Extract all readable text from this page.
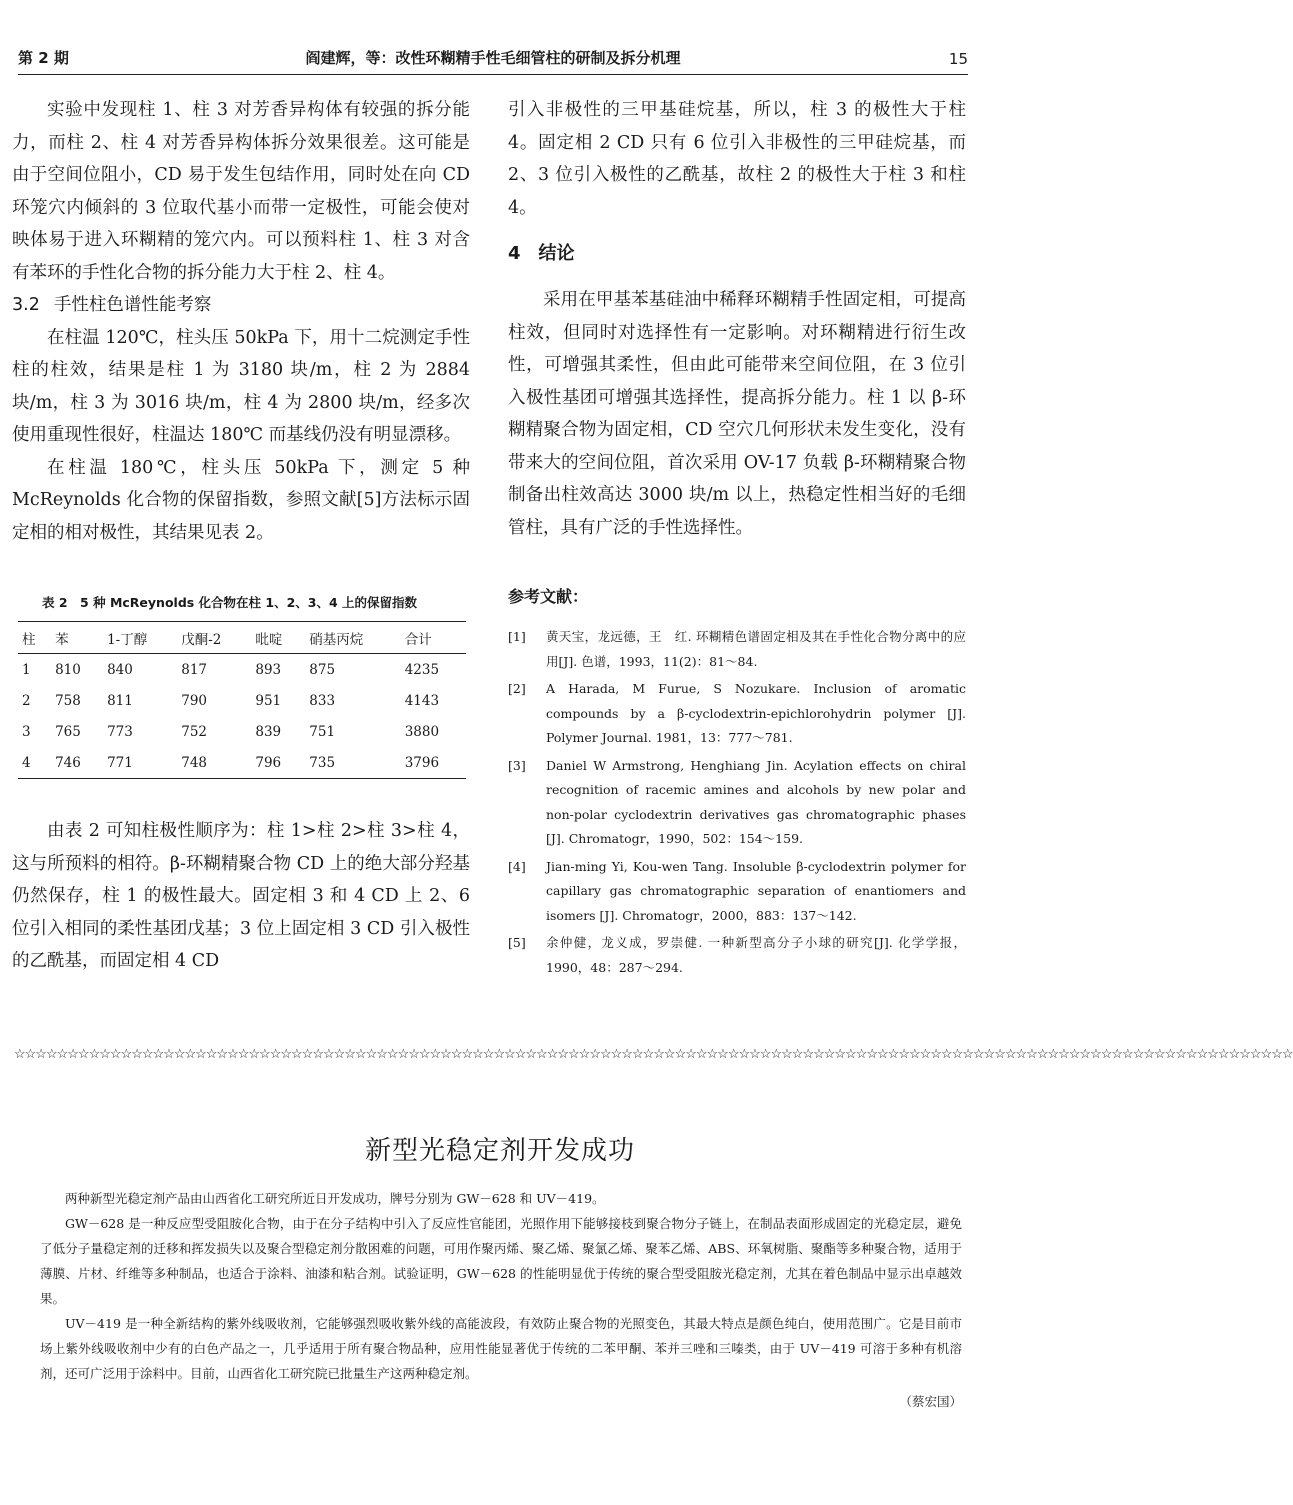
第 2 期	阎建辉，等：改性环糊精手性毛细管柱的研制及拆分机理	15

实验中发现柱 1、柱 3 对芳香异构体有较强的拆分能力，而柱 2、柱 4 对芳香异构体拆分效果很差。这可能是由于空间位阻小，CD 易于发生包结作用，同时处在向 CD 环笼穴内倾斜的 3 位取代基小而带一定极性，可能会使对映体易于进入环糊精的笼穴内。可以预料柱 1、柱 3 对含有苯环的手性化合物的拆分能力大于柱 2、柱 4。

3.2 手性柱色谱性能考察

在柱温 120℃，柱头压 50kPa 下，用十二烷测定手性柱的柱效，结果是柱 1 为 3180 块/m，柱 2 为 2884 块/m，柱 3 为 3016 块/m，柱 4 为 2800 块/m，经多次使用重现性很好，柱温达 180℃ 而基线仍没有明显漂移。

在柱温 180℃，柱头压 50kPa 下，测定 5 种 McReynolds 化合物的保留指数，参照文献[5]方法标示固定相的相对极性，其结果见表 2。

表 2　5 种 McReynolds 化合物在柱 1、2、3、4 上的保留指数
柱	苯	1-丁醇	戊酮-2	吡啶	硝基丙烷	合计
1	810	840	817	893	875	4235
2	758	811	790	951	833	4143
3	765	773	752	839	751	3880
4	746	771	748	796	735	3796

由表 2 可知柱极性顺序为：柱 1>柱 2>柱 3>柱 4，这与所预料的相符。β-环糊精聚合物 CD 上的绝大部分羟基仍然保存，柱 1 的极性最大。固定相 3 和 4 CD 上 2、6 位引入相同的柔性基团戊基；3 位上固定相 3 CD 引入极性的乙酰基，而固定相 4 CD

引入非极性的三甲基硅烷基，所以，柱 3 的极性大于柱 4。固定相 2 CD 只有 6 位引入非极性的三甲硅烷基，而 2、3 位引入极性的乙酰基，故柱 2 的极性大于柱 3 和柱 4。

4 结论

采用在甲基苯基硅油中稀释环糊精手性固定相，可提高柱效，但同时对选择性有一定影响。对环糊精进行衍生改性，可增强其柔性，但由此可能带来空间位阻，在 3 位引入极性基团可增强其选择性，提高拆分能力。柱 1 以 β-环糊精聚合物为固定相，CD 空穴几何形状未发生变化，没有带来大的空间位阻，首次采用 OV-17 负载 β-环糊精聚合物制备出柱效高达 3000 块/m 以上，热稳定性相当好的毛细管柱，具有广泛的手性选择性。

参考文献：

[1] 黄天宝，龙远德，王　红. 环糊精色谱固定相及其在手性化合物分离中的应用[J]. 色谱，1993，11(2)：81～84.

[2] A Harada, M Furue, S Nozukare. Inclusion of aromatic compounds by a β-cyclodextrin-epichlorohydrin polymer [J]. Polymer Journal. 1981，13：777～781.

[3] Daniel W Armstrong, Henghiang Jin. Acylation effects on chiral recognition of racemic amines and alcohols by new polar and non-polar cyclodextrin derivatives gas chromatographic phases [J]. Chromatogr，1990，502：154～159.

[4] Jian-ming Yi, Kou-wen Tang. Insoluble β-cyclodextrin polymer for capillary gas chromatographic separation of enantiomers and isomers [J]. Chromatogr，2000，883：137～142.

[5] 余仲健，龙义成，罗崇健. 一种新型高分子小球的研究[J]. 化学学报，1990，48：287～294.

☆☆☆☆☆☆☆☆☆☆☆☆☆☆☆☆☆☆☆☆☆☆☆☆☆☆☆☆☆☆☆☆☆☆☆☆☆☆☆☆☆☆☆☆☆☆☆☆☆☆☆☆☆☆☆☆☆☆☆☆☆☆☆☆☆☆☆☆☆☆☆☆☆☆☆☆☆☆☆☆☆☆☆☆☆☆☆☆☆☆☆☆☆☆☆☆☆☆☆☆☆☆☆☆☆☆☆☆☆☆☆☆☆☆☆☆☆☆☆☆
新型光稳定剂开发成功

两种新型光稳定剂产品由山西省化工研究所近日开发成功，牌号分别为 GW－628 和 UV－419。

GW－628 是一种反应型受阻胺化合物，由于在分子结构中引入了反应性官能团，光照作用下能够接枝到聚合物分子链上，在制品表面形成固定的光稳定层，避免了低分子量稳定剂的迁移和挥发损失以及聚合型稳定剂分散困难的问题，可用作聚丙烯、聚乙烯、聚氯乙烯、聚苯乙烯、ABS、环氧树脂、聚酯等多种聚合物，适用于薄膜、片材、纤维等多种制品，也适合于涂料、油漆和粘合剂。试验证明，GW－628 的性能明显优于传统的聚合型受阻胺光稳定剂，尤其在着色制品中显示出卓越效果。

UV－419 是一种全新结构的紫外线吸收剂，它能够强烈吸收紫外线的高能波段，有效防止聚合物的光照变色，其最大特点是颜色纯白，使用范围广。它是目前市场上紫外线吸收剂中少有的白色产品之一，几乎适用于所有聚合物品种，应用性能显著优于传统的二苯甲酮、苯并三唑和三嗪类，由于 UV－419 可溶于多种有机溶剂，还可广泛用于涂料中。目前，山西省化工研究院已批量生产这两种稳定剂。

（蔡宏国）
